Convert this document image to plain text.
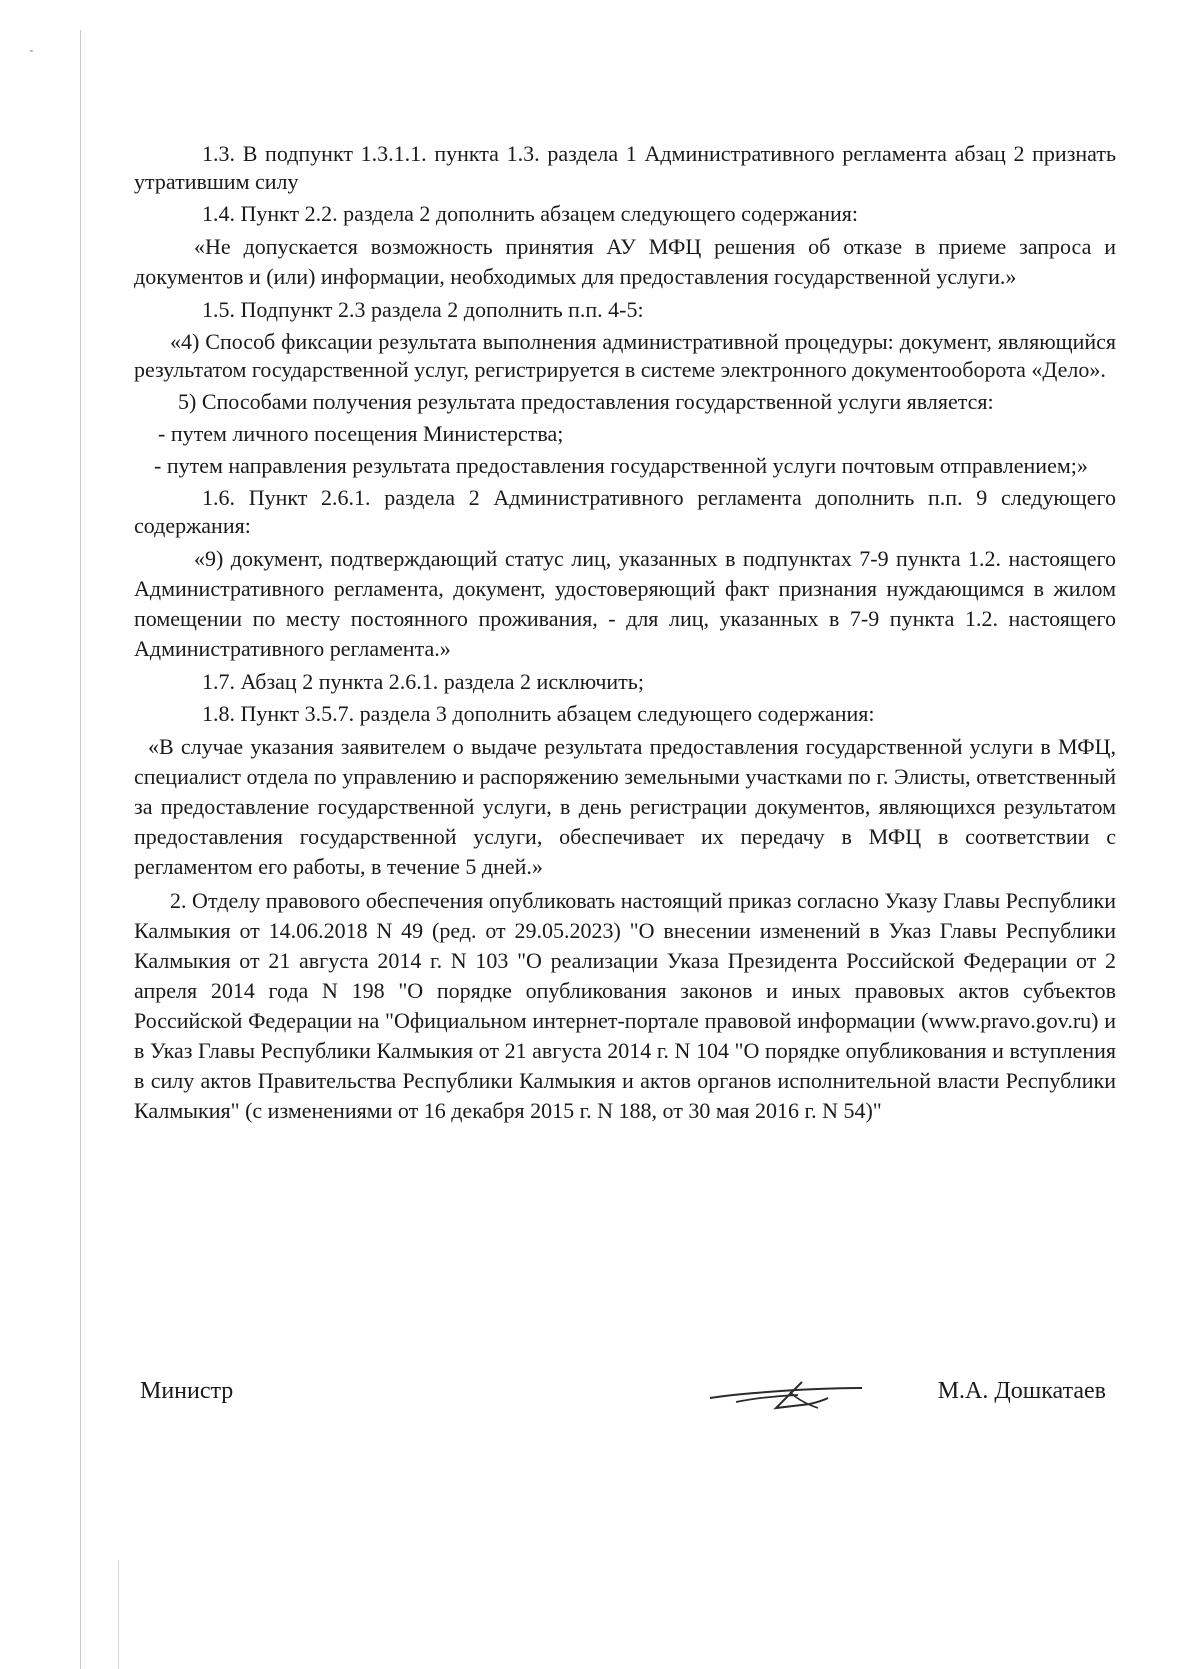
1.3. В подпункт 1.3.1.1. пункта 1.3. раздела 1 Административного регламента абзац 2 признать утратившим силу

1.4. Пункт 2.2. раздела 2 дополнить абзацем следующего содержания:

«Не допускается возможность принятия АУ МФЦ решения об отказе в приеме запроса и документов и (или) информации, необходимых для предоставления государственной услуги.»

1.5. Подпункт 2.3 раздела 2 дополнить п.п. 4-5:

«4) Способ фиксации результата выполнения административной процедуры: документ, являющийся результатом государственной услуг, регистрируется в системе электронного документооборота «Дело».

5) Способами получения результата предоставления государственной услуги является:

- путем личного посещения Министерства;

- путем направления результата предоставления государственной услуги почтовым отправлением;»

1.6. Пункт 2.6.1. раздела 2 Административного регламента дополнить п.п. 9 следующего содержания:

«9) документ, подтверждающий статус лиц, указанных в подпунктах 7-9 пункта 1.2. настоящего Административного регламента, документ, удостоверяющий факт признания нуждающимся в жилом помещении по месту постоянного проживания, - для лиц, указанных в 7-9 пункта 1.2. настоящего Административного регламента.»

1.7. Абзац 2 пункта 2.6.1. раздела 2 исключить;

1.8. Пункт 3.5.7. раздела 3 дополнить абзацем следующего содержания:

«В случае указания заявителем о выдаче результата предоставления государственной услуги в МФЦ, специалист отдела по управлению и распоряжению земельными участками по г. Элисты, ответственный за предоставление государственной услуги, в день регистрации документов, являющихся результатом предоставления государственной услуги, обеспечивает их передачу в МФЦ в соответствии с регламентом его работы, в течение 5 дней.»

2. Отделу правового обеспечения опубликовать настоящий приказ согласно Указу Главы Республики Калмыкия от 14.06.2018 N 49 (ред. от 29.05.2023) "О внесении изменений в Указ Главы Республики Калмыкия от 21 августа 2014 г. N 103 "О реализации Указа Президента Российской Федерации от 2 апреля 2014 года N 198 "О порядке опубликования законов и иных правовых актов субъектов Российской Федерации на "Официальном интернет-портале правовой информации (www.pravo.gov.ru) и в Указ Главы Республики Калмыкия от 21 августа 2014 г. N 104 "О порядке опубликования и вступления в силу актов Правительства Республики Калмыкия и актов органов исполнительной власти Республики Калмыкия" (с изменениями от 16 декабря 2015 г. N 188, от 30 мая 2016 г. N 54)"

Министр	М.А. Дошкатаев
